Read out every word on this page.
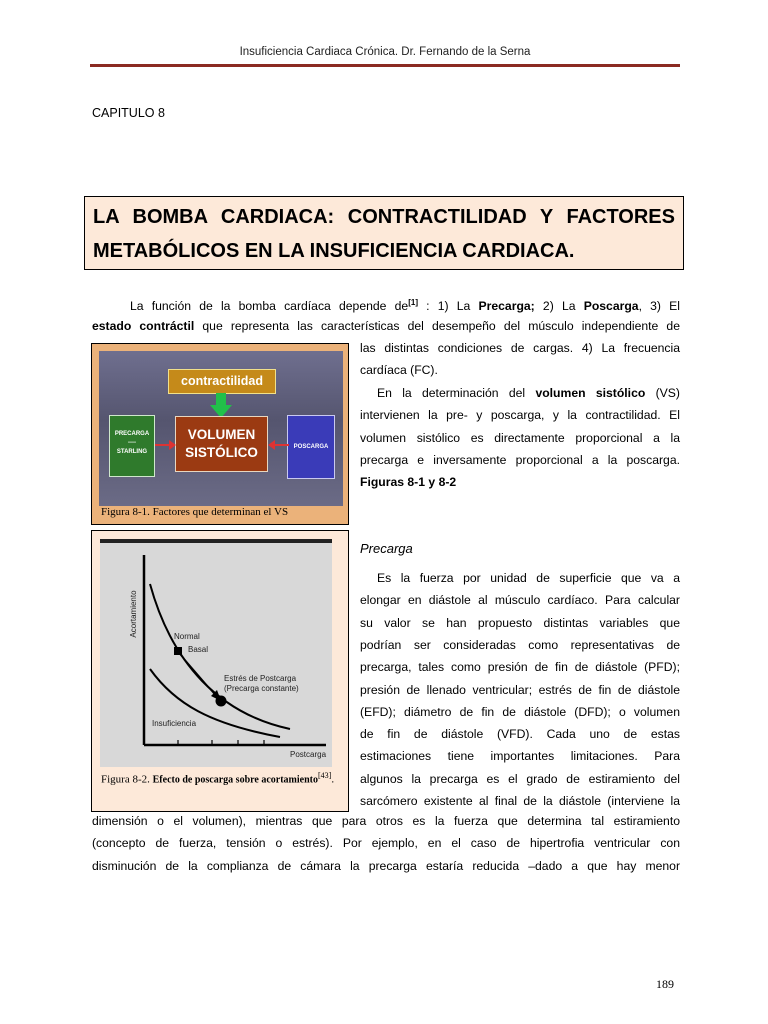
Insuficiencia Cardiaca Crónica. Dr. Fernando de la Serna
CAPITULO 8
LA BOMBA CARDIACA: CONTRACTILIDAD Y FACTORES
METABÓLICOS EN LA INSUFICIENCIA CARDIACA.
La función de la bomba cardíaca depende de[1] : 1) La Precarga; 2) La Poscarga, 3) El
estado contráctil que representa las características del desempeño del músculo independiente de
las distintas condiciones de cargas. 4) La frecuencia
cardíaca (FC).
En la determinación del volumen sistólico (VS)
intervienen la pre- y poscarga, y la contractilidad. El
volumen sistólico es directamente proporcional a la
precarga e inversamente proporcional a la poscarga.
Figuras 8-1 y 8-2
contractilidad
VOLUMEN
SISTÓLICO
PRECARGA
----
STARLING
POSCARGA
Figura 8-1. Factores que determinan el VS
Acortamiento
Postcarga
Normal
Basal
Estrés de Postcarga
(Precarga constante)
Insuficiencia
Figura 8-2. Efecto de poscarga sobre acortamiento[43].
Precarga
Es la fuerza por unidad de superficie que va a
elongar en diástole al músculo cardíaco. Para calcular
su valor se han propuesto distintas variables que
podrían ser consideradas como representativas de
precarga, tales como presión de fin de diástole (PFD);
presión de llenado ventricular; estrés de fin de diástole
(EFD); diámetro de fin de diástole (DFD); o volumen
de fin de diástole (VFD). Cada uno de estas
estimaciones tiene importantes limitaciones. Para
algunos la precarga es el grado de estiramiento del
sarcómero existente al final de la diástole (interviene la
dimensión o el volumen), mientras que para otros es la fuerza que determina tal estiramiento
(concepto de fuerza, tensión o estrés). Por ejemplo, en el caso de hipertrofia ventricular con
disminución de la complianza de cámara la precarga estaría reducida –dado a que hay menor
189
